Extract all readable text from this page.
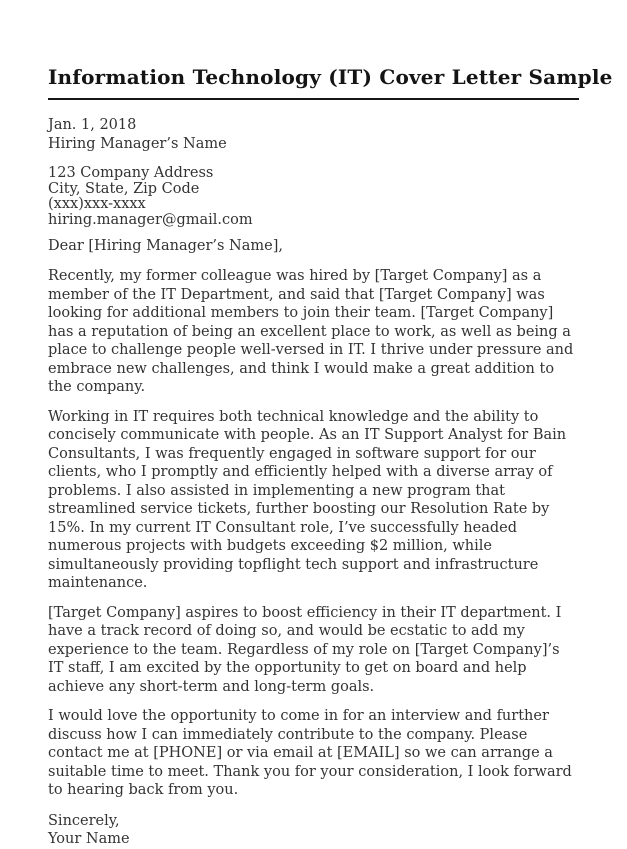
Information Technology (IT) Cover Letter Sample
Jan. 1, 2018
Hiring Manager’s Name
123 Company Address
City, State, Zip Code
(xxx)xxx-xxxx
hiring.manager@gmail.com

Dear [Hiring Manager’s Name],

Recently, my former colleague was hired by [Target Company] as a member of the IT Department, and said that [Target Company] was looking for additional members to join their team. [Target Company] has a reputation of being an excellent place to work, as well as being a place to challenge people well-versed in IT. I thrive under pressure and embrace new challenges, and think I would make a great addition to the company.

Working in IT requires both technical knowledge and the ability to concisely communicate with people. As an IT Support Analyst for Bain Consultants, I was frequently engaged in software support for our clients, who I promptly and efficiently helped with a diverse array of problems. I also assisted in implementing a new program that streamlined service tickets, further boosting our Resolution Rate by 15%. In my current IT Consultant role, I’ve successfully headed numerous projects with budgets exceeding $2 million, while simultaneously providing topflight tech support and infrastructure maintenance.

[Target Company] aspires to boost efficiency in their IT department. I have a track record of doing so, and would be ecstatic to add my experience to the team. Regardless of my role on [Target Company]’s IT staff, I am excited by the opportunity to get on board and help achieve any short-term and long-term goals.

I would love the opportunity to come in for an interview and further discuss how I can immediately contribute to the company. Please contact me at [PHONE] or via email at [EMAIL] so we can arrange a suitable time to meet. Thank you for your consideration, I look forward to hearing back from you.

Sincerely,
Your Name
